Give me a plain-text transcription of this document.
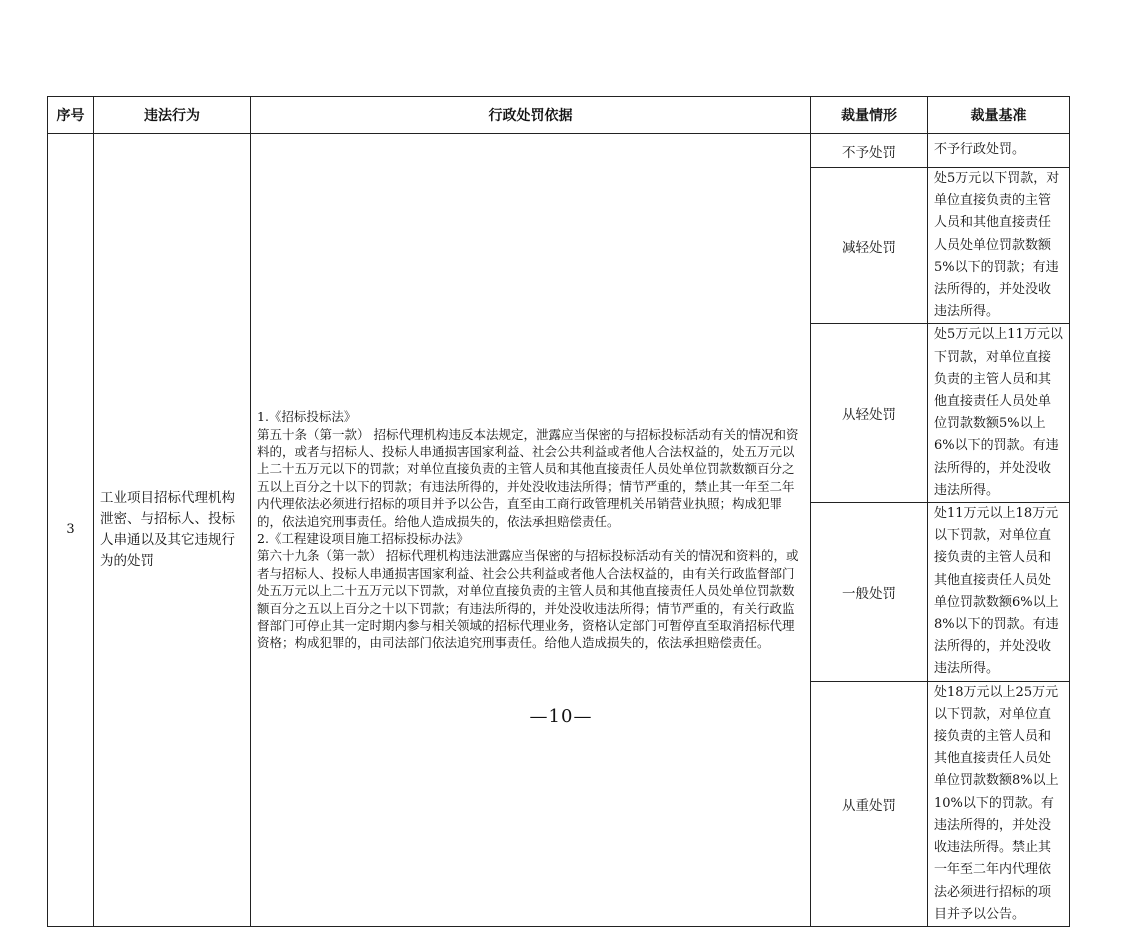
序号	违法行为	行政处罚依据	裁量情形	裁量基准
3	工业项目招标代理机构泄密、与招标人、投标人串通以及其它违规行为的处罚	1.《招标投标法》

第五十条（第一款） 招标代理机构违反本法规定，泄露应当保密的与招标投标活动有关的情况和资料的，或者与招标人、投标人串通损害国家利益、社会公共利益或者他人合法权益的，处五万元以上二十五万元以下的罚款；对单位直接负责的主管人员和其他直接责任人员处单位罚款数额百分之五以上百分之十以下的罚款；有违法所得的，并处没收违法所得；情节严重的，禁止其一年至二年内代理依法必须进行招标的项目并予以公告，直至由工商行政管理机关吊销营业执照；构成犯罪的，依法追究刑事责任。给他人造成损失的，依法承担赔偿责任。

2.《工程建设项目施工招标投标办法》

第六十九条（第一款） 招标代理机构违法泄露应当保密的与招标投标活动有关的情况和资料的，或者与招标人、投标人串通损害国家利益、社会公共利益或者他人合法权益的，由有关行政监督部门处五万元以上二十五万元以下罚款，对单位直接负责的主管人员和其他直接责任人员处单位罚款数额百分之五以上百分之十以下罚款；有违法所得的，并处没收违法所得；情节严重的，有关行政监督部门可停止其一定时期内参与相关领域的招标代理业务，资格认定部门可暂停直至取消招标代理资格；构成犯罪的，由司法部门依法追究刑事责任。给他人造成损失的，依法承担赔偿责任。	不予处罚	不予行政处罚。
			减轻处罚	处5万元以下罚款，对单位直接负责的主管人员和其他直接责任人员处单位罚款数额5%以下的罚款；有违法所得的，并处没收违法所得。
			从轻处罚	处5万元以上11万元以下罚款，对单位直接负责的主管人员和其他直接责任人员处单位罚款数额5%以上6%以下的罚款。有违法所得的，并处没收违法所得。
			一般处罚	处11万元以上18万元以下罚款，对单位直接负责的主管人员和其他直接责任人员处单位罚款数额6%以上8%以下的罚款。有违法所得的，并处没收违法所得。
			从重处罚	处18万元以上25万元以下罚款，对单位直接负责的主管人员和其他直接责任人员处单位罚款数额8%以上10%以下的罚款。有违法所得的，并处没收违法所得。禁止其一年至二年内代理依法必须进行招标的项目并予以公告。
—10—
